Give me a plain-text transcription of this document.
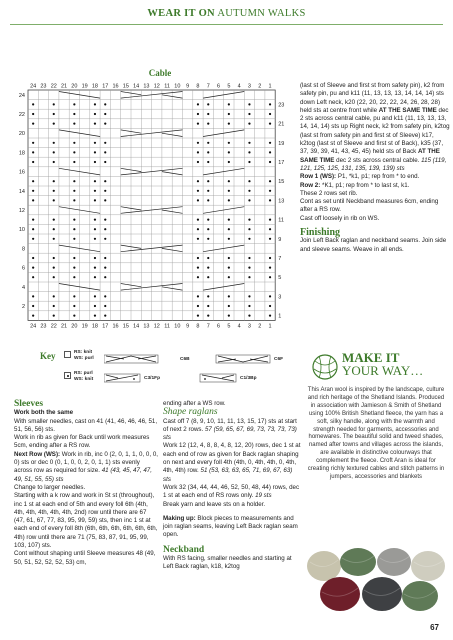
WEAR IT ON AUTUMN WALKS
Cable
24
24
23
23
22
22
21
21
20
20
19
19
18
18
17
17
16
16
15
15
14
14
13
13
12
12
11
11
10
10
9
9
8
8
7
7
6
6
5
5
4
4
3
3
2
2
1
1
24
22
20
18
16
14
12
10
8
6
4
2
23
21
19
17
15
13
11
9
7
5
3
1
(last st of Sleeve and first st from safety pin), k2 from safety pin, pu and k11 (11, 13, 13, 13, 14, 14, 14) sts down Left neck, k20 (22, 20, 22, 22, 24, 26, 28, 28) held sts at centre front while AT THE SAME TIME dec 2 sts across central cable, pu and k11 (11, 13, 13, 13, 14, 14, 14) sts up Right neck, k2 from safety pin, k2tog (last st from safety pin and first st of Sleeve) k17, k2tog (last st of Sleeve and first st of Back), k35 (37, 37, 39, 39, 41, 43, 45, 45) held sts of Back AT THE SAME TIME dec 2 sts across central cable. 115 (119, 121, 125, 125, 131, 135, 139, 139) sts
Row 1 (WS): P1, *k1, p1; rep from * to end.
Row 2: *K1, p1; rep from * to last st, k1.
These 2 rows set rib.
Cont as set until Neckband measures 6cm, ending after a RS row.
Cast off loosely in rib on WS.
Finishing
Join Left Back raglan and neckband seams. Join side and sleeve seams. Weave in all ends.
Key	RS: knit
WS: purl
RS: purl
WS: knit
C6B	C6F
C3/1Fp	C1/3Bp
Sleeves
Work both the same
With smaller needles, cast on 41 (41, 46, 46, 46, 51, 51, 56, 56) sts.
Work in rib as given for Back until work measures 5cm, ending after a RS row.
Next Row (WS): Work in rib, inc 0 (2, 0, 1, 1, 0, 0, 0, 0) sts or dec 0 (0, 1, 0, 0, 2, 0, 1, 1) sts evenly across row as required for size. 41 (43, 45, 47, 47, 49, 51, 55, 55) sts
Change to larger needles.
Starting with a k row and work in St st (throughout), inc 1 st at each end of 5th and every foll 6th (4th, 4th, 4th, 4th, 4th, 4th, 2nd) row until there are 67 (47, 61, 67, 77, 83, 95, 99, 59) sts, then inc 1 st at each end of every foll 8th (6th, 6th, 6th, 6th, 6th, 6th, 4th) row until there are 71 (75, 83, 87, 91, 95, 99, 103, 107) sts.
Cont without shaping until Sleeve measures 48 (49, 50, 51, 52, 52, 52, 53) cm,
ending after a WS row.
Shape raglans
Cast off 7 (8, 9, 10, 11, 11, 13, 15, 17) sts at start of next 2 rows. 57 (59, 65, 67, 69, 73, 73, 73, 73) sts
Work 12 (12, 4, 8, 8, 4, 8, 12, 20) rows, dec 1 st at each end of row as given for Back raglan shaping on next and every foll 4th (4th, 0, 4th, 4th, 0, 4th, 4th, 4th) row. 51 (53, 63, 63, 65, 71, 69, 67, 63) sts
Work 32 (34, 44, 44, 46, 52, 50, 48, 44) rows, dec 1 st at each end of RS rows only. 19 sts
Break yarn and leave sts on a holder.
Making up: Block pieces to measurements and join raglan seams, leaving Left Back raglan seam open.
Neckband
With RS facing, smaller needles and starting at Left Back raglan, k18, k2tog
MAKE IT
YOUR WAY…
This Aran wool is inspired by the landscape, culture and rich heritage of the Shetland Islands. Produced in association with Jamieson & Smith of Shetland using 100% British Shetland fleece, the yarn has a soft, silky handle, along with the warmth and strength needed for garments, accessories and homewares. The beautiful solid and tweed shades, named after towns and villages across the islands, are available in distinctive colourways that complement the fleece. Croft Aran is ideal for creating richly textured cables and stitch patterns in jumpers, accessories and blankets
67
